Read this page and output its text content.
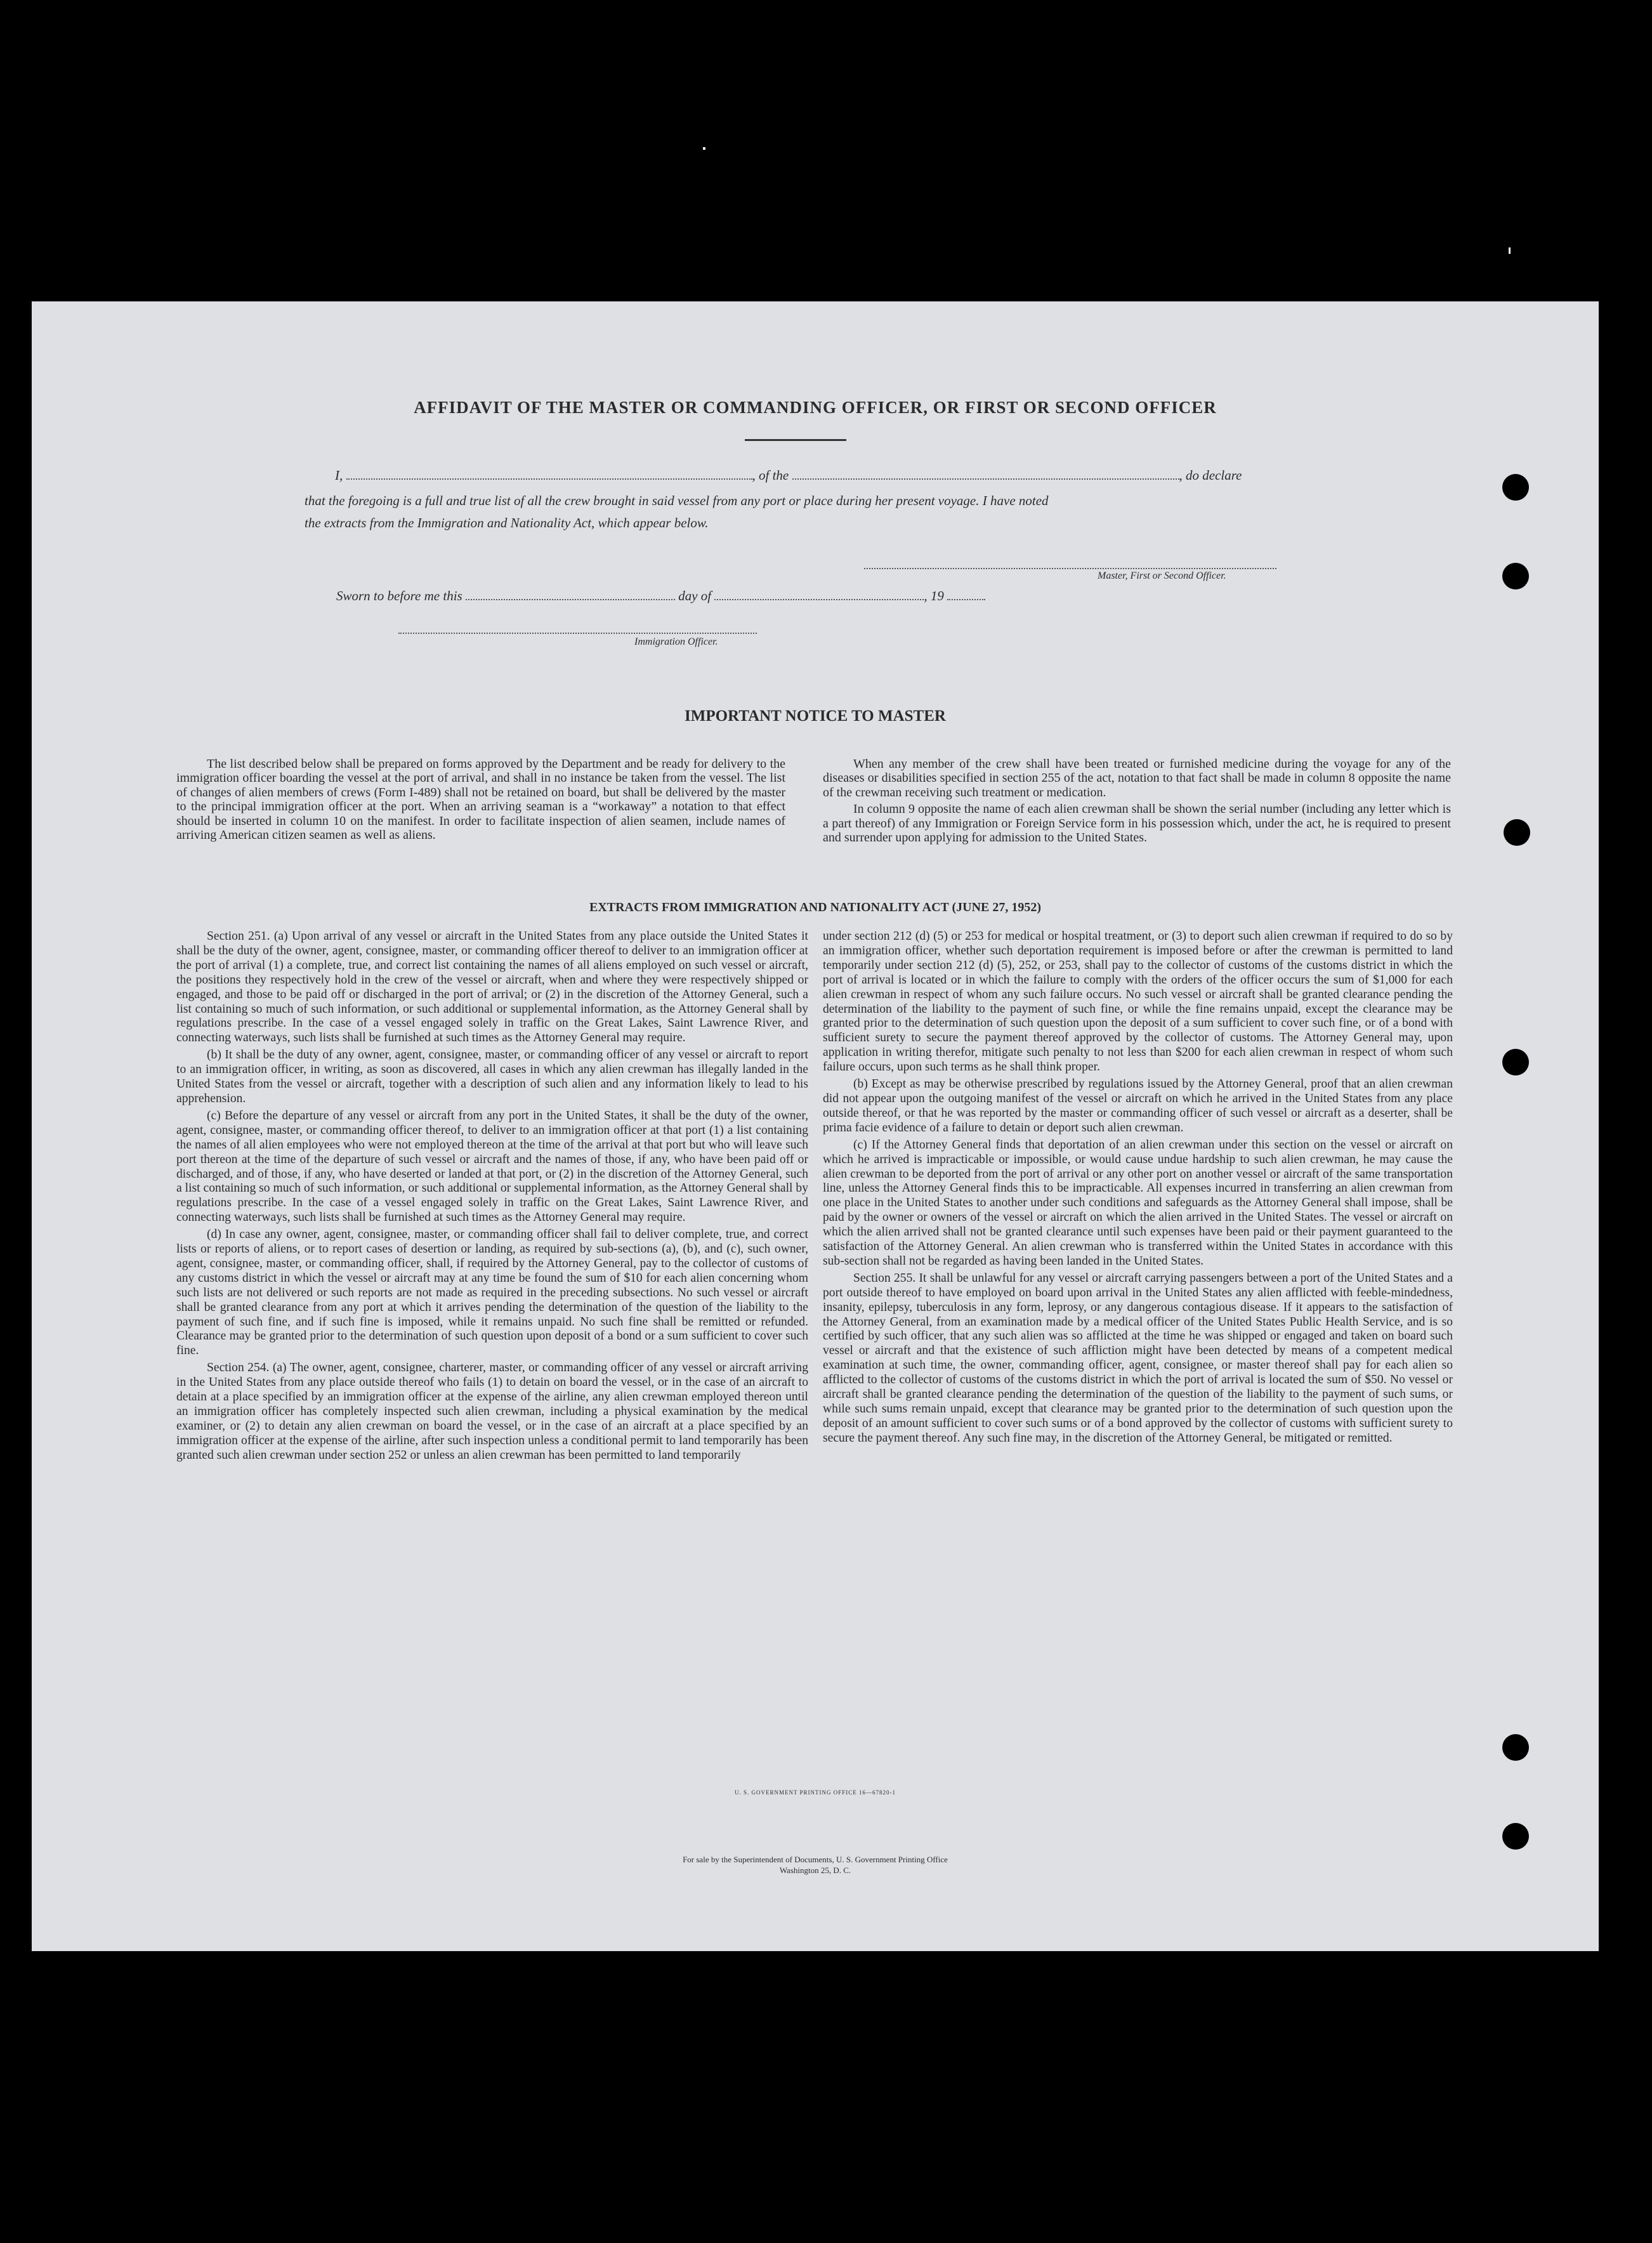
AFFIDAVIT OF THE MASTER OR COMMANDING OFFICER, OR FIRST OR SECOND OFFICER
I,	, of the	, do declare
that the foregoing is a full and true list of all the crew brought in said vessel from any port or place during her present voyage. I have noted
the extracts from the Immigration and Nationality Act, which appear below.
Master, First or Second Officer.
Sworn to before me this	day of	, 19
Immigration Officer.
IMPORTANT NOTICE TO MASTER

The list described below shall be prepared on forms approved by the Department and be ready for delivery to the immigration officer boarding the vessel at the port of arrival, and shall in no instance be taken from the vessel. The list of changes of alien members of crews (Form I-489) shall not be retained on board, but shall be delivered by the master to the principal immigration officer at the port. When an arriving seaman is a “workaway” a notation to that effect should be inserted in column 10 on the manifest. In order to facilitate inspection of alien seamen, include names of arriving American citizen seamen as well as aliens.

When any member of the crew shall have been treated or furnished medicine during the voyage for any of the diseases or disabilities specified in section 255 of the act, notation to that fact shall be made in column 8 opposite the name of the crewman receiving such treatment or medication.

In column 9 opposite the name of each alien crewman shall be shown the serial number (including any letter which is a part thereof) of any Immigration or Foreign Service form in his possession which, under the act, he is required to present and surrender upon applying for admission to the United States.

EXTRACTS FROM IMMIGRATION AND NATIONALITY ACT (JUNE 27, 1952)

Section 251. (a) Upon arrival of any vessel or aircraft in the United States from any place outside the United States it shall be the duty of the owner, agent, consignee, master, or commanding officer thereof to deliver to an immigration officer at the port of arrival (1) a complete, true, and correct list containing the names of all aliens employed on such vessel or aircraft, the positions they respectively hold in the crew of the vessel or aircraft, when and where they were respectively shipped or engaged, and those to be paid off or discharged in the port of arrival; or (2) in the discretion of the Attorney General, such a list containing so much of such information, or such additional or supplemental information, as the Attorney General shall by regulations prescribe. In the case of a vessel engaged solely in traffic on the Great Lakes, Saint Lawrence River, and connecting waterways, such lists shall be furnished at such times as the Attorney General may require.

(b) It shall be the duty of any owner, agent, consignee, master, or commanding officer of any vessel or aircraft to report to an immigration officer, in writing, as soon as discovered, all cases in which any alien crewman has illegally landed in the United States from the vessel or aircraft, together with a description of such alien and any information likely to lead to his apprehension.

(c) Before the departure of any vessel or aircraft from any port in the United States, it shall be the duty of the owner, agent, consignee, master, or commanding officer thereof, to deliver to an immigration officer at that port (1) a list containing the names of all alien employees who were not employed thereon at the time of the arrival at that port but who will leave such port thereon at the time of the departure of such vessel or aircraft and the names of those, if any, who have been paid off or discharged, and of those, if any, who have deserted or landed at that port, or (2) in the discretion of the Attorney General, such a list containing so much of such information, or such additional or supplemental information, as the Attorney General shall by regulations prescribe. In the case of a vessel engaged solely in traffic on the Great Lakes, Saint Lawrence River, and connecting waterways, such lists shall be furnished at such times as the Attorney General may require.

(d) In case any owner, agent, consignee, master, or commanding officer shall fail to deliver complete, true, and correct lists or reports of aliens, or to report cases of desertion or landing, as required by sub-sections (a), (b), and (c), such owner, agent, consignee, master, or commanding officer, shall, if required by the Attorney General, pay to the collector of customs of any customs district in which the vessel or aircraft may at any time be found the sum of $10 for each alien concerning whom such lists are not delivered or such reports are not made as required in the preceding subsections. No such vessel or aircraft shall be granted clearance from any port at which it arrives pending the determination of the question of the liability to the payment of such fine, and if such fine is imposed, while it remains unpaid. No such fine shall be remitted or refunded. Clearance may be granted prior to the determination of such question upon deposit of a bond or a sum sufficient to cover such fine.

Section 254. (a) The owner, agent, consignee, charterer, master, or commanding officer of any vessel or aircraft arriving in the United States from any place outside thereof who fails (1) to detain on board the vessel, or in the case of an aircraft to detain at a place specified by an immigration officer at the expense of the airline, any alien crewman employed thereon until an immigration officer has completely inspected such alien crewman, including a physical examination by the medical examiner, or (2) to detain any alien crewman on board the vessel, or in the case of an aircraft at a place specified by an immigration officer at the expense of the airline, after such inspection unless a conditional permit to land temporarily has been granted such alien crewman under section 252 or unless an alien crewman has been permitted to land temporarily

under section 212 (d) (5) or 253 for medical or hospital treatment, or (3) to deport such alien crewman if required to do so by an immigration officer, whether such deportation requirement is imposed before or after the crewman is permitted to land temporarily under section 212 (d) (5), 252, or 253, shall pay to the collector of customs of the customs district in which the port of arrival is located or in which the failure to comply with the orders of the officer occurs the sum of $1,000 for each alien crewman in respect of whom any such failure occurs. No such vessel or aircraft shall be granted clearance pending the determination of the liability to the payment of such fine, or while the fine remains unpaid, except the clearance may be granted prior to the determination of such question upon the deposit of a sum sufficient to cover such fine, or of a bond with sufficient surety to secure the payment thereof approved by the collector of customs. The Attorney General may, upon application in writing therefor, mitigate such penalty to not less than $200 for each alien crewman in respect of whom such failure occurs, upon such terms as he shall think proper.

(b) Except as may be otherwise prescribed by regulations issued by the Attorney General, proof that an alien crewman did not appear upon the outgoing manifest of the vessel or aircraft on which he arrived in the United States from any place outside thereof, or that he was reported by the master or commanding officer of such vessel or aircraft as a deserter, shall be prima facie evidence of a failure to detain or deport such alien crewman.

(c) If the Attorney General finds that deportation of an alien crewman under this section on the vessel or aircraft on which he arrived is impracticable or impossible, or would cause undue hardship to such alien crewman, he may cause the alien crewman to be deported from the port of arrival or any other port on another vessel or aircraft of the same transportation line, unless the Attorney General finds this to be impracticable. All expenses incurred in transferring an alien crewman from one place in the United States to another under such conditions and safeguards as the Attorney General shall impose, shall be paid by the owner or owners of the vessel or aircraft on which the alien arrived in the United States. The vessel or aircraft on which the alien arrived shall not be granted clearance until such expenses have been paid or their payment guaranteed to the satisfaction of the Attorney General. An alien crewman who is transferred within the United States in accordance with this sub-section shall not be regarded as having been landed in the United States.

Section 255. It shall be unlawful for any vessel or aircraft carrying passengers between a port of the United States and a port outside thereof to have employed on board upon arrival in the United States any alien afflicted with feeble-mindedness, insanity, epilepsy, tuberculosis in any form, leprosy, or any dangerous contagious disease. If it appears to the satisfaction of the Attorney General, from an examination made by a medical officer of the United States Public Health Service, and is so certified by such officer, that any such alien was so afflicted at the time he was shipped or engaged and taken on board such vessel or aircraft and that the existence of such affliction might have been detected by means of a competent medical examination at such time, the owner, commanding officer, agent, consignee, or master thereof shall pay for each alien so afflicted to the collector of customs of the customs district in which the port of arrival is located the sum of $50. No vessel or aircraft shall be granted clearance pending the determination of the question of the liability to the payment of such sums, or while such sums remain unpaid, except that clearance may be granted prior to the determination of such question upon the deposit of an amount sufficient to cover such sums or of a bond approved by the collector of customs with sufficient surety to secure the payment thereof. Any such fine may, in the discretion of the Attorney General, be mitigated or remitted.

U. S. GOVERNMENT PRINTING OFFICE 16—67820-1
For sale by the Superintendent of Documents, U. S. Government Printing Office
Washington 25, D. C.
